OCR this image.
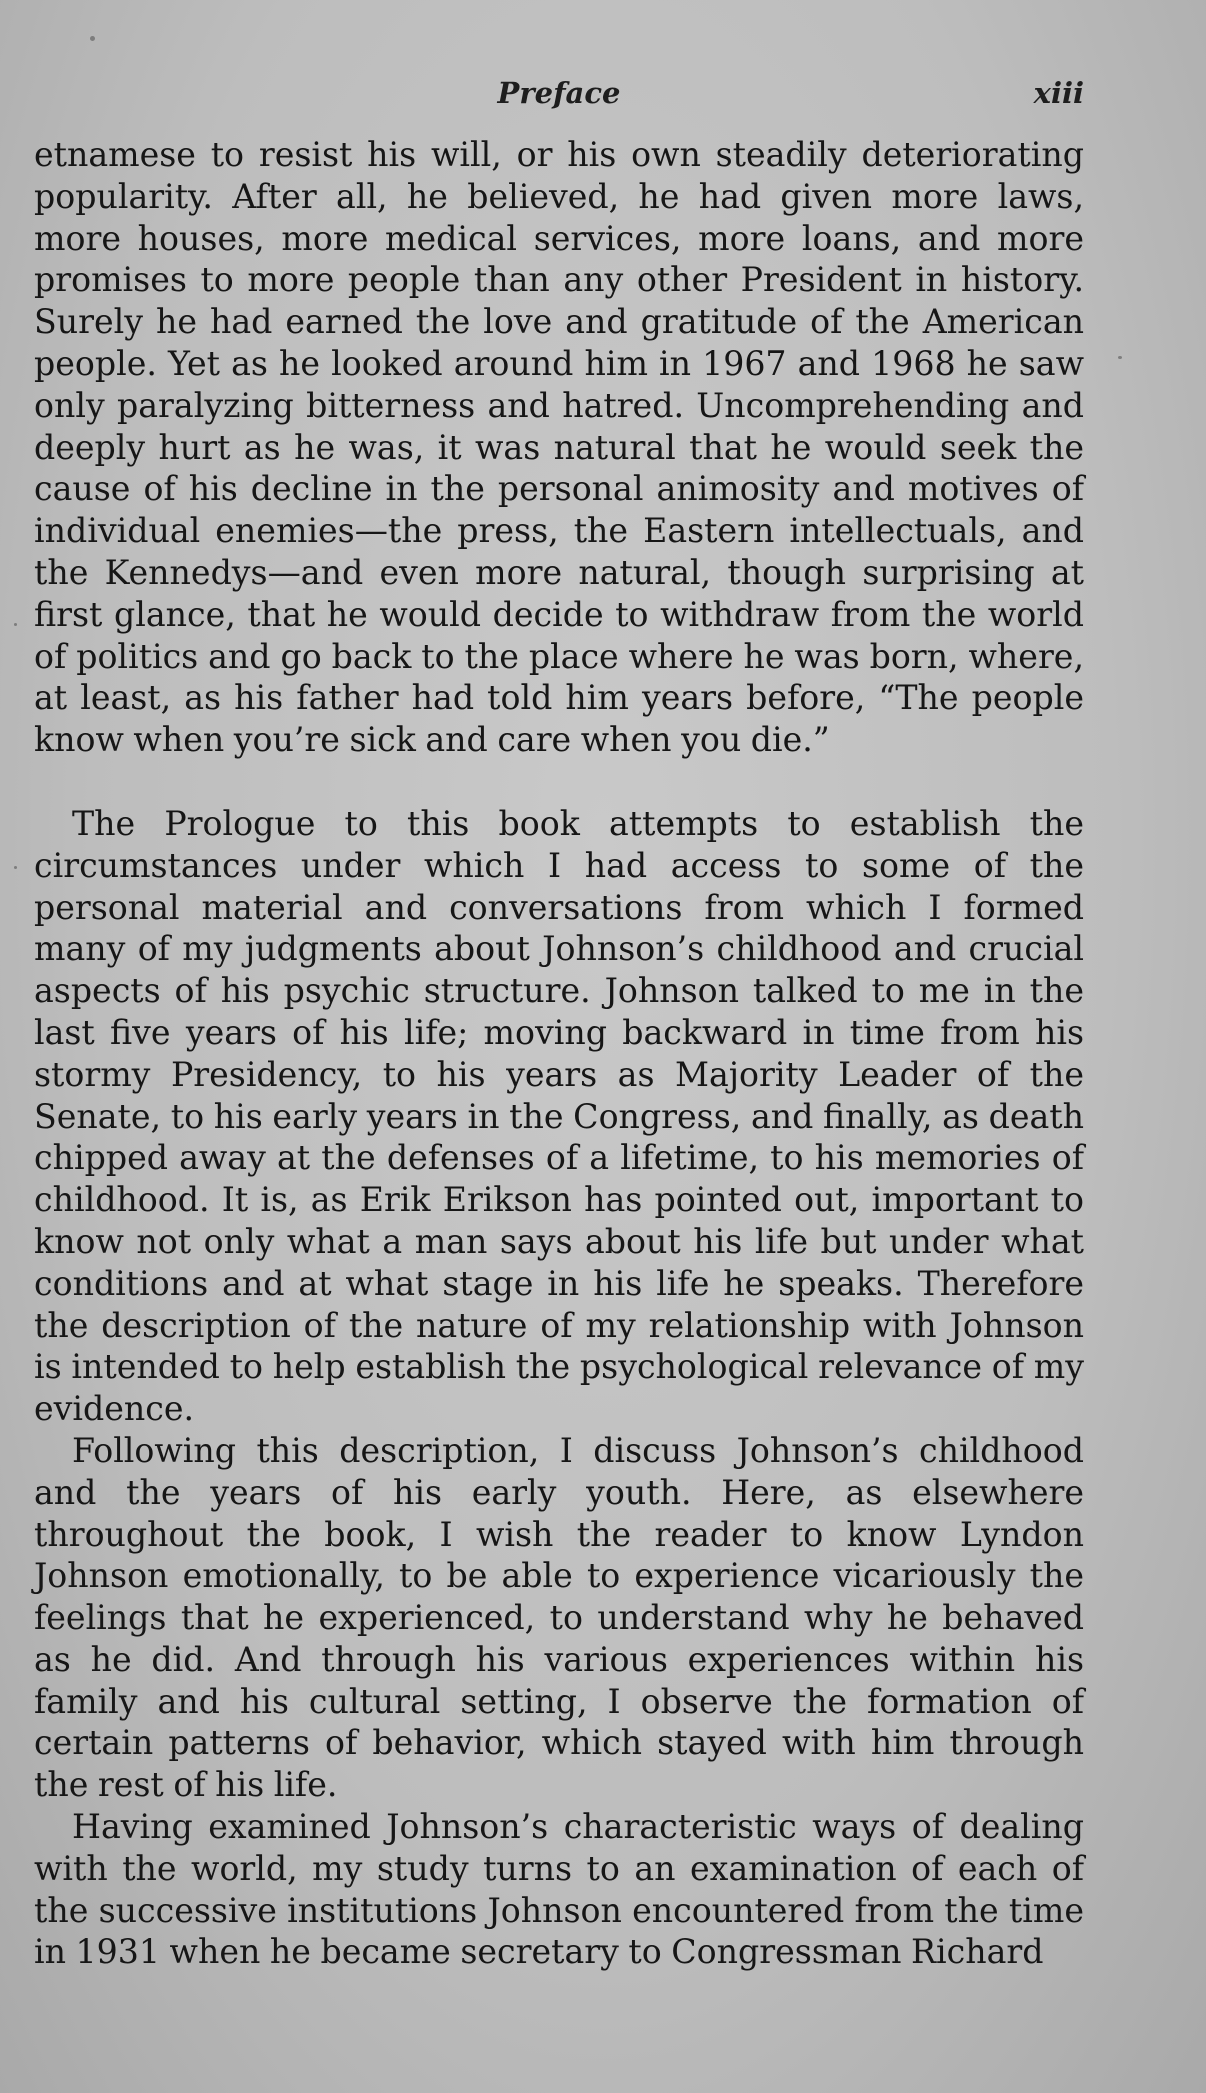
Preface	xiii

etnamese to resist his will, or his own steadily deteriorating popularity. After all, he believed, he had given more laws, more houses, more medical services, more loans, and more promises to more people than any other President in history. Surely he had earned the love and gratitude of the American people. Yet as he looked around him in 1967 and 1968 he saw only paralyzing bitterness and hatred. Uncomprehending and deeply hurt as he was, it was natural that he would seek the cause of his decline in the personal animosity and motives of individual enemies—the press, the Eastern intellectuals, and the Kennedys—and even more natural, though surprising at first glance, that he would decide to withdraw from the world of politics and go back to the place where he was born, where, at least, as his father had told him years before, “The people know when you’re sick and care when you die.”

The Prologue to this book attempts to establish the circumstances under which I had access to some of the personal material and conversations from which I formed many of my judgments about Johnson’s childhood and crucial aspects of his psychic structure. Johnson talked to me in the last five years of his life; moving backward in time from his stormy Presidency, to his years as Majority Leader of the Senate, to his early years in the Congress, and finally, as death chipped away at the defenses of a lifetime, to his memories of childhood. It is, as Erik Erikson has pointed out, important to know not only what a man says about his life but under what conditions and at what stage in his life he speaks. Therefore the description of the nature of my relationship with Johnson is intended to help establish the psychological relevance of my evidence.

Following this description, I discuss Johnson’s childhood and the years of his early youth. Here, as elsewhere throughout the book, I wish the reader to know Lyndon Johnson emotionally, to be able to experience vicariously the feelings that he experienced, to understand why he behaved as he did. And through his various experiences within his family and his cultural setting, I observe the formation of certain patterns of behavior, which stayed with him through the rest of his life.

Having examined Johnson’s characteristic ways of dealing with the world, my study turns to an examination of each of the successive institutions Johnson encountered from the time in 1931 when he became secretary to Congressman Richard
